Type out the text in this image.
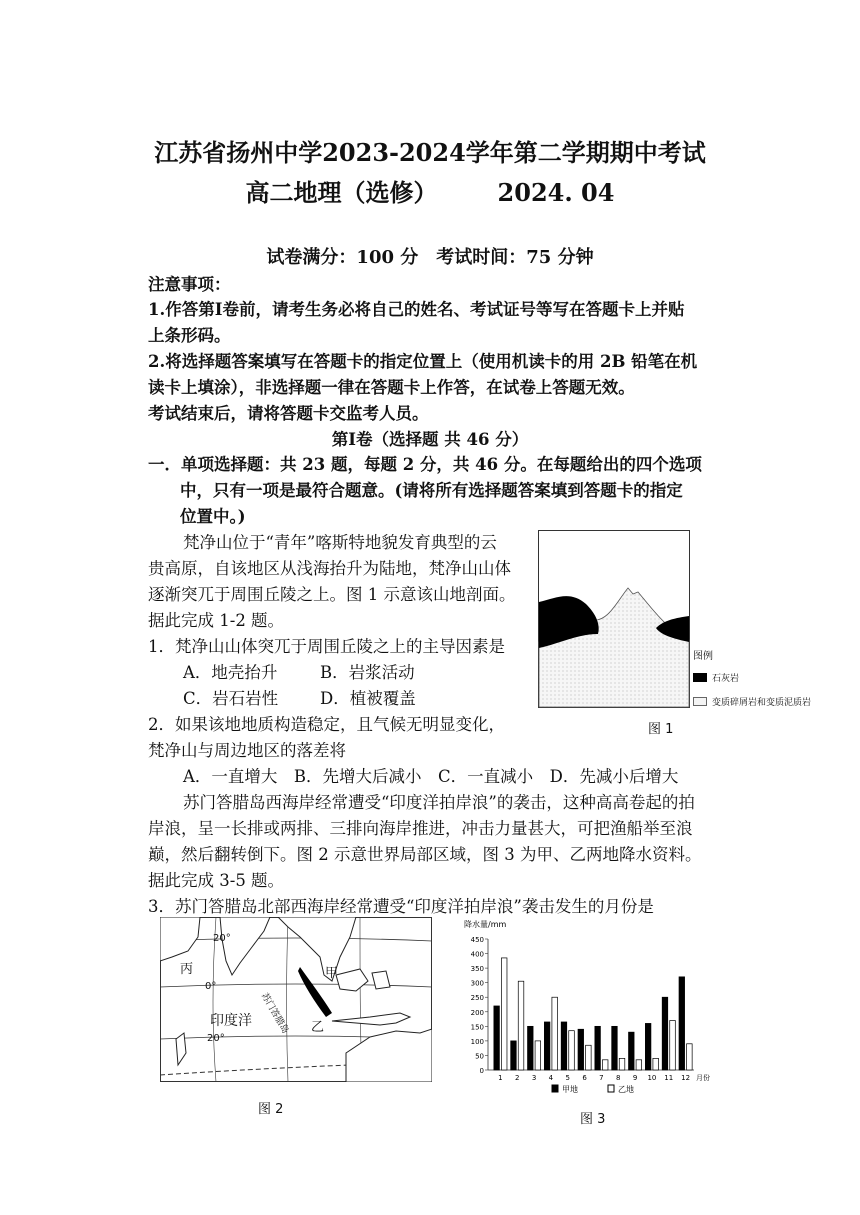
江苏省扬州中学2023-2024学年第二学期期中考试
高二地理（选修）	2024. 04
试卷满分：100 分　考试时间：75 分钟
注意事项：
1.作答第Ⅰ卷前，请考生务必将自己的姓名、考试证号等写在答题卡上并贴
上条形码。
2.将选择题答案填写在答题卡的指定位置上（使用机读卡的用 2B 铅笔在机
读卡上填涂），非选择题一律在答题卡上作答，在试卷上答题无效。
考试结束后，请将答题卡交监考人员。
第Ⅰ卷（选择题 共 46 分）
一．单项选择题：共 23 题，每题 2 分，共 46 分。在每题给出的四个选项
中，只有一项是最符合题意。(请将所有选择题答案填到答题卡的指定
位置中。)
梵净山位于“青年”喀斯特地貌发育典型的云
贵高原，自该地区从浅海抬升为陆地，梵净山山体
逐渐突兀于周围丘陵之上。图 1 示意该山地剖面。
据此完成 1-2 题。
1．梵净山山体突兀于周围丘陵之上的主导因素是
A．地壳抬升	B．岩浆活动
C．岩石岩性	D．植被覆盖
2．如果该地地质构造稳定，且气候无明显变化，
梵净山与周边地区的落差将
A．一直增大　B．先增大后减小　C．一直减小　D．先减小后增大
苏门答腊岛西海岸经常遭受“印度洋拍岸浪”的袭击，这种高高卷起的拍
岸浪，呈一长排或两排、三排向海岸推进，冲击力量甚大，可把渔船举至浪
巅，然后翻转倒下。图 2 示意世界局部区域，图 3 为甲、乙两地降水资料。
据此完成 3-5 题。
3．苏门答腊岛北部西海岸经常遭受“印度洋拍岸浪”袭击发生的月份是
图例
石灰岩
变质碎屑岩和变质泥质岩
图 1
20°
0°
20°
丙	甲
乙
印度洋 苏门答腊岛
图 2
0
50
100
150
200
250
300
350
400
450
降水量/mm
1 2 3 4 5 6 7 8 9 10 11 12 月份
甲地	乙地
图 3
